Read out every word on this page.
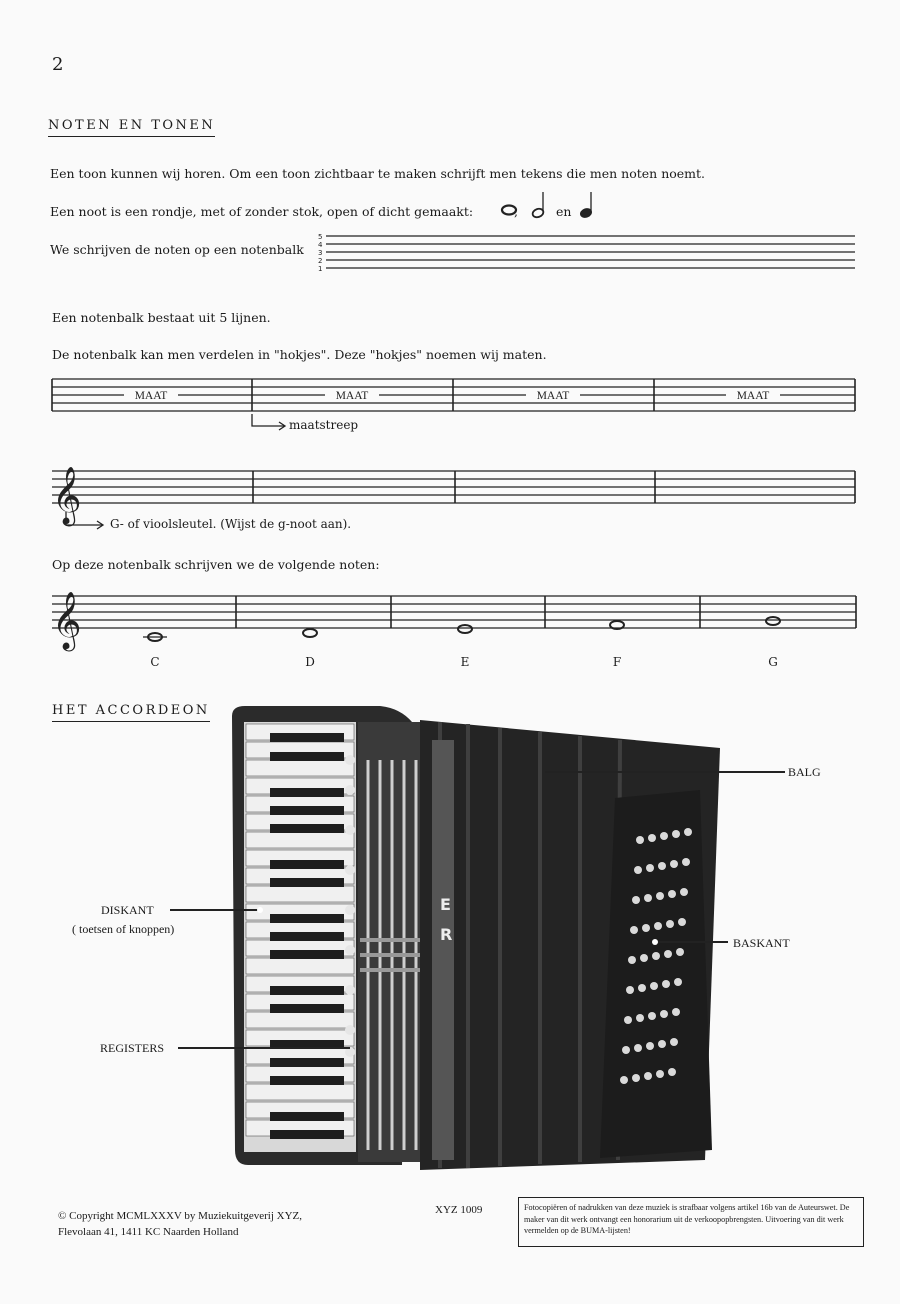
2
NOTEN EN TONEN
Een toon kunnen wij horen. Om een toon zichtbaar te maken schrijft men tekens die men noten noemt.
Een noot is een rondje, met of zonder stok, open of dicht gemaakt:	,	en
We schrijven de noten op een notenbalk
Een notenbalk bestaat uit 5 lijnen.
De notenbalk kan men verdelen in "hokjes". Deze "hokjes" noemen wij maten.
maatstreep
G- of vioolsleutel. (Wijst de g-noot aan).
Op deze notenbalk schrijven we de volgende noten:
C	D	E	F	G
HET ACCORDEON
BALG
DISKANT
( toetsen of knoppen)
BASKANT
REGISTERS
© Copyright MCMLXXXV by Muziekuitgeverij XYZ,
Flevolaan 41, 1411 KC Naarden Holland
XYZ 1009	Fotocopiëren of nadrukken van deze muziek is strafbaar volgens artikel 16b van de Auteurswet. De maker van dit werk ontvangt een honorarium uit de verkoopopbrengsten. Uitvoering van dit werk vermelden op de BUMA-lijsten!
5
4
3
2
1
MAAT	MAAT	MAAT	MAAT
𝄞
𝄞
E
R
